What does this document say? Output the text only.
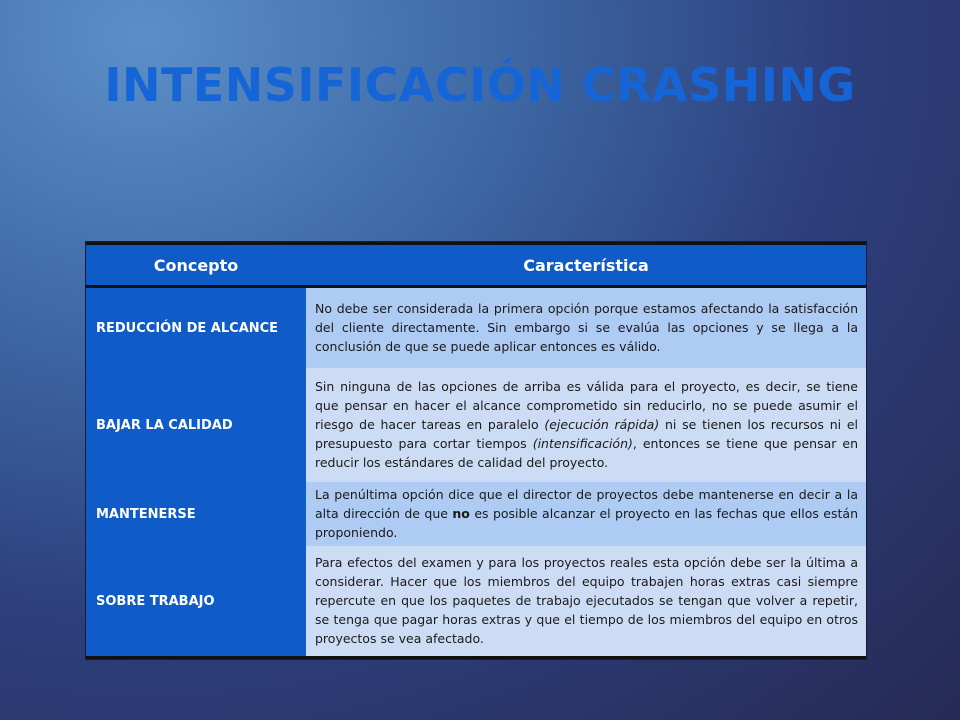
INTENSIFICACIÓN CRASHING
Concepto	Característica
REDUCCIÓN DE ALCANCE	No debe ser considerada la primera opción porque estamos afectando la satisfacción del cliente directamente. Sin embargo si se evalúa las opciones y se llega a la conclusión de que se puede aplicar entonces es válido.
BAJAR LA CALIDAD	Sin ninguna de las opciones de arriba es válida para el proyecto, es decir, se tiene que pensar en hacer el alcance comprometido sin reducirlo, no se puede asumir el riesgo de hacer tareas en paralelo (ejecución rápida) ni se tienen los recursos ni el presupuesto para cortar tiempos (intensificación), entonces se tiene que pensar en reducir los estándares de calidad del proyecto.
MANTENERSE	La penúltima opción dice que el director de proyectos debe mantenerse en decir a la alta dirección de que no es posible alcanzar el proyecto en las fechas que ellos están proponiendo.
SOBRE TRABAJO	Para efectos del examen y para los proyectos reales esta opción debe ser la última a considerar. Hacer que los miembros del equipo trabajen horas extras casi siempre repercute en que los paquetes de trabajo ejecutados se tengan que volver a repetir, se tenga que pagar horas extras y que el tiempo de los miembros del equipo en otros proyectos se vea afectado.
